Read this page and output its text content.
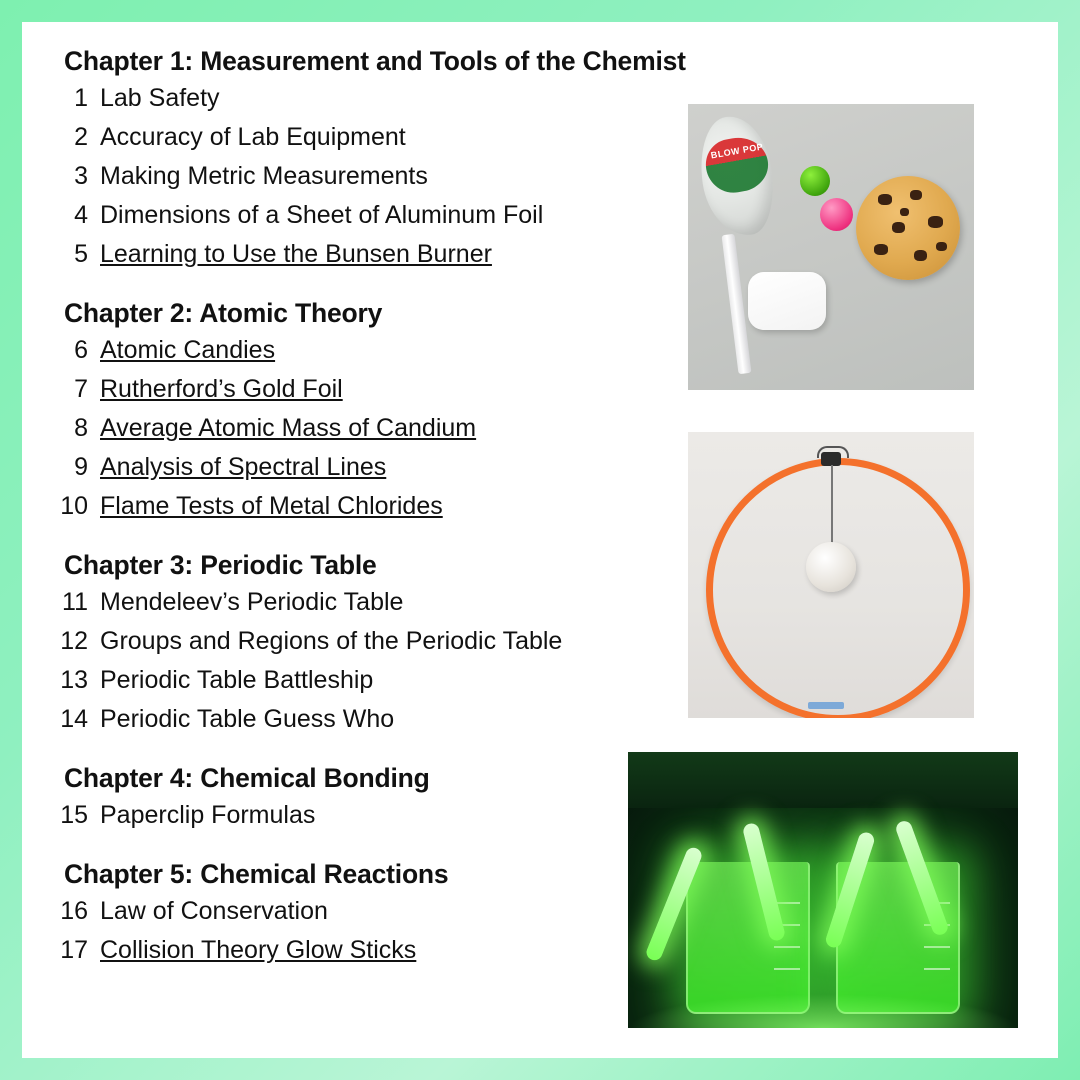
Chapter 1: Measurement and Tools of the Chemist
1 Lab Safety
2 Accuracy of Lab Equipment
3 Making Metric Measurements
4 Dimensions of a Sheet of Aluminum Foil
5 Learning to Use the Bunsen Burner
Chapter 2: Atomic Theory
6 Atomic Candies
7 Rutherford’s Gold Foil
8 Average Atomic Mass of Candium
9 Analysis of Spectral Lines
10 Flame Tests of Metal Chlorides
Chapter 3: Periodic Table
11 Mendeleev’s Periodic Table
12 Groups and Regions of the Periodic Table
13 Periodic Table Battleship
14 Periodic Table Guess Who
Chapter 4: Chemical Bonding
15 Paperclip Formulas
Chapter 5: Chemical Reactions
16 Law of Conservation
17 Collision Theory Glow Sticks
BLOW POP
